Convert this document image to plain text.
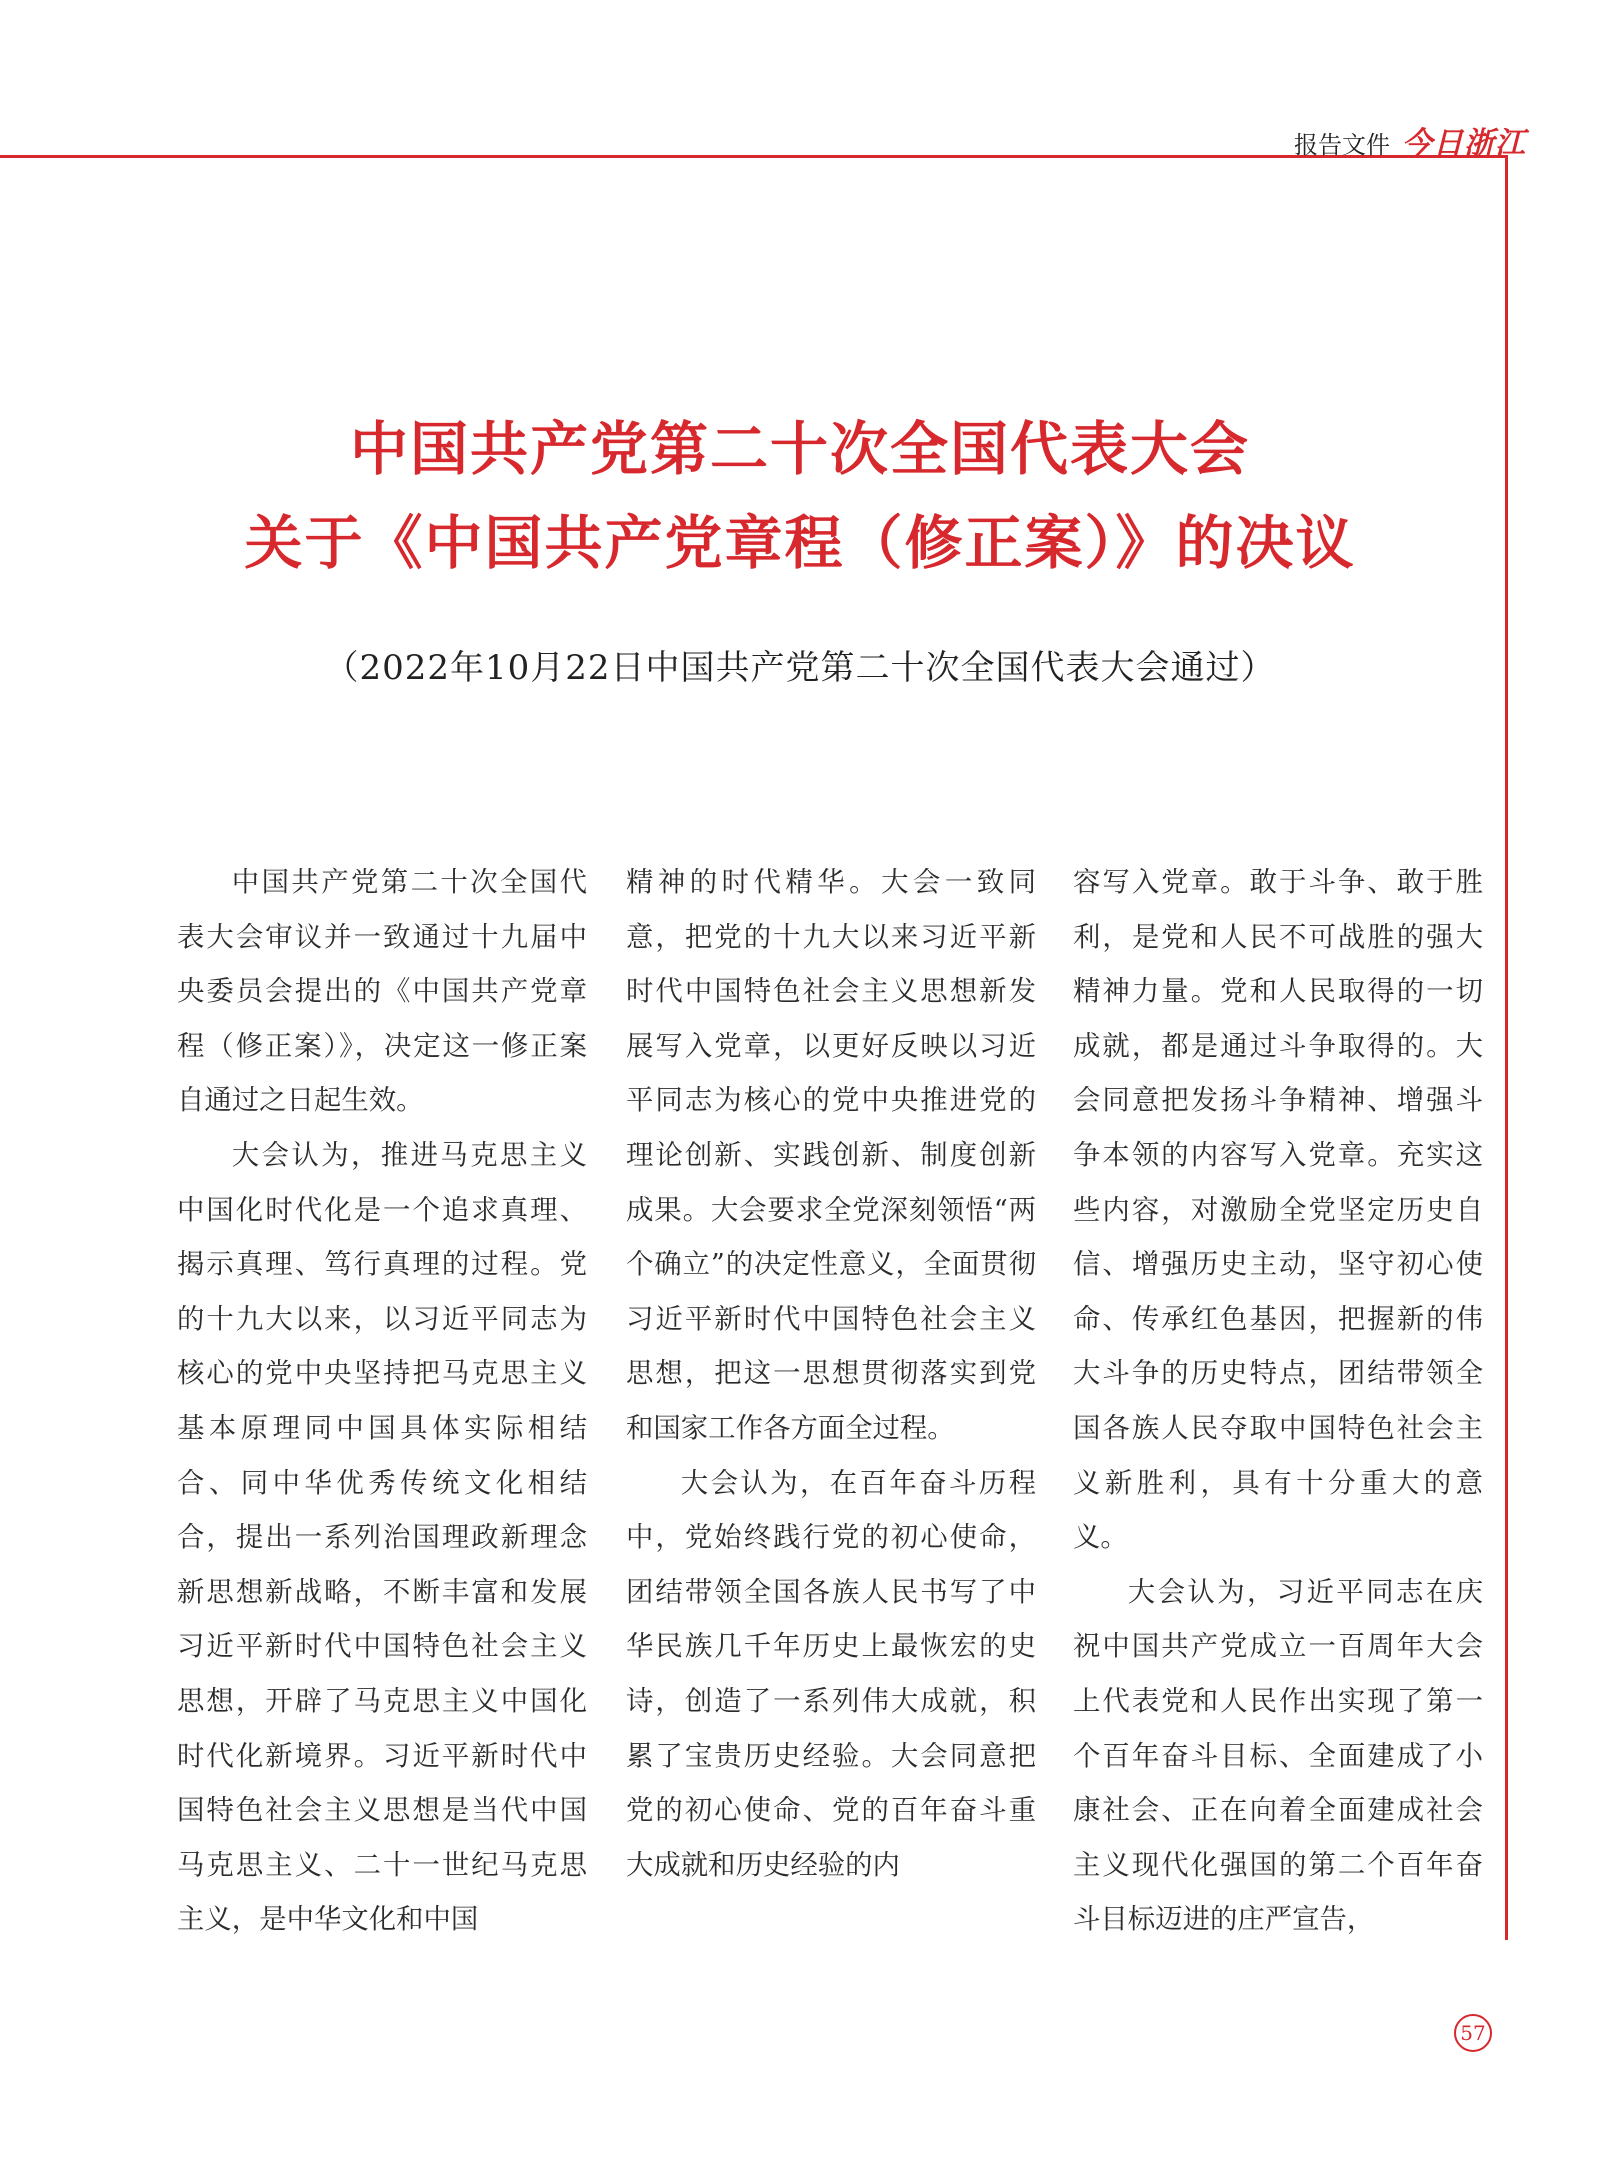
报告文件 今日浙江
中国共产党第二十次全国代表大会
关于《中国共产党章程（修正案）》的决议
（2022年10月22日中国共产党第二十次全国代表大会通过）

中国共产党第二十次全国代表大会审议并一致通过十九届中央委员会提出的《中国共产党章程（修正案）》，决定这一修正案自通过之日起生效。

大会认为，推进马克思主义中国化时代化是一个追求真理、揭示真理、笃行真理的过程。党的十九大以来，以习近平同志为核心的党中央坚持把马克思主义基本原理同中国具体实际相结合、同中华优秀传统文化相结合，提出一系列治国理政新理念新思想新战略，不断丰富和发展习近平新时代中国特色社会主义思想，开辟了马克思主义中国化时代化新境界。习近平新时代中国特色社会主义思想是当代中国马克思主义、二十一世纪马克思主义，是中华文化和中国

精神的时代精华。大会一致同意，把党的十九大以来习近平新时代中国特色社会主义思想新发展写入党章，以更好反映以习近平同志为核心的党中央推进党的理论创新、实践创新、制度创新成果。大会要求全党深刻领悟“两个确立”的决定性意义，全面贯彻习近平新时代中国特色社会主义思想，把这一思想贯彻落实到党和国家工作各方面全过程。

大会认为，在百年奋斗历程中，党始终践行党的初心使命，团结带领全国各族人民书写了中华民族几千年历史上最恢宏的史诗，创造了一系列伟大成就，积累了宝贵历史经验。大会同意把党的初心使命、党的百年奋斗重大成就和历史经验的内

容写入党章。敢于斗争、敢于胜利，是党和人民不可战胜的强大精神力量。党和人民取得的一切成就，都是通过斗争取得的。大会同意把发扬斗争精神、增强斗争本领的内容写入党章。充实这些内容，对激励全党坚定历史自信、增强历史主动，坚守初心使命、传承红色基因，把握新的伟大斗争的历史特点，团结带领全国各族人民夺取中国特色社会主义新胜利，具有十分重大的意义。

大会认为，习近平同志在庆祝中国共产党成立一百周年大会上代表党和人民作出实现了第一个百年奋斗目标、全面建成了小康社会、正在向着全面建成社会主义现代化强国的第二个百年奋斗目标迈进的庄严宣告，

57
